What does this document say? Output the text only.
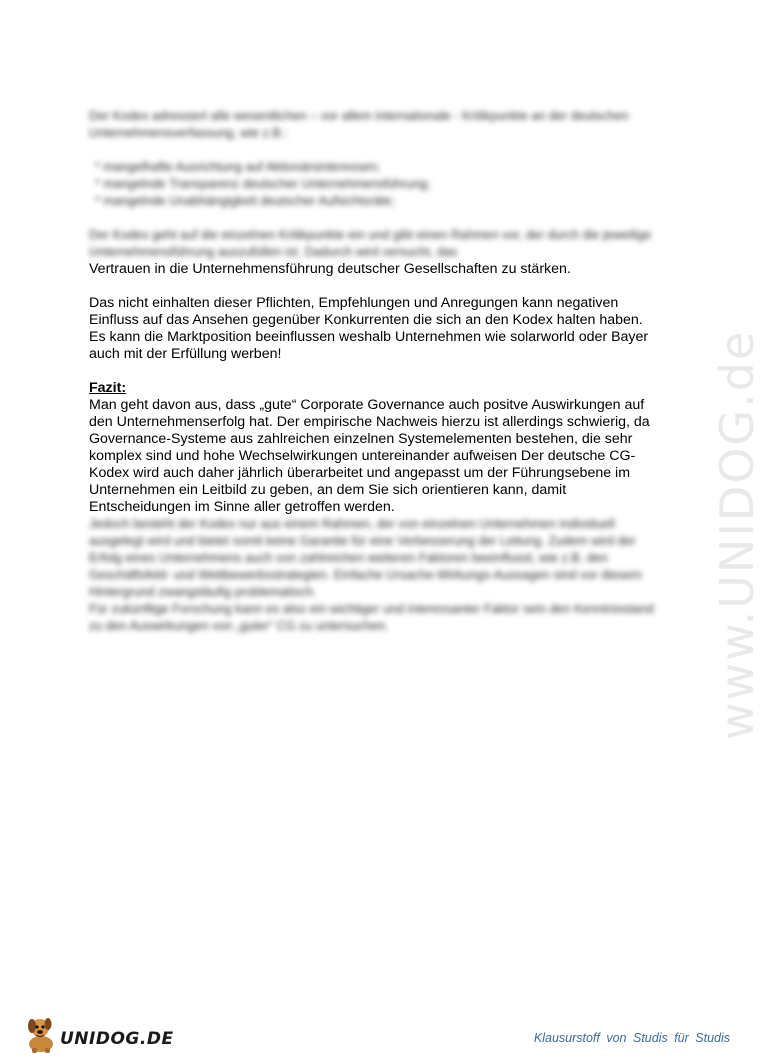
www.UNIDOG.de

Der Kodex adressiert alle wesentlichen – vor allem internationale - Kritikpunkte an der deutschen Unternehmensverfassung, wie z.B.:

* mangelhafte Ausrichtung auf Aktionärsinteressen;
* mangelnde Transparenz deutscher Unternehmensführung;
* mangelnde Unabhängigkeit deutscher Aufsichtsräte;

Der Kodex geht auf die einzelnen Kritikpunkte ein und gibt einen Rahmen vor, der durch die jeweilige Unternehmensführung auszufüllen ist. Dadurch wird versucht, das

Vertrauen in die Unternehmensführung deutscher Gesellschaften zu stärken.

Das nicht einhalten dieser Pflichten, Empfehlungen und Anregungen kann negativen Einfluss auf das Ansehen gegenüber Konkurrenten die sich an den Kodex halten haben. Es kann die Marktposition beeinflussen weshalb Unternehmen wie solarworld oder Bayer auch mit der Erfüllung werben!

Fazit:

Man geht davon aus, dass „gute“ Corporate Governance auch positve Auswirkungen auf den Unternehmenserfolg hat. Der empirische Nachweis hierzu ist allerdings schwierig, da Governance-Systeme aus zahlreichen einzelnen Systemelementen bestehen, die sehr komplex sind und hohe Wechselwirkungen untereinander aufweisen Der deutsche CG-Kodex wird auch daher jährlich überarbeitet und angepasst um der Führungsebene im Unternehmen ein Leitbild zu geben, an dem Sie sich orientieren kann, damit Entscheidungen im Sinne aller getroffen werden.

Jedoch besteht der Kodex nur aus einem Rahmen, der von einzelnen Unternehmen individuell ausgelegt wird und bietet somit keine Garantie für eine Verbesserung der Leitung. Zudem wird der Erfolg eines Unternehmens auch von zahlreichen weiteren Faktoren beeinflusst, wie z.B. den Geschäftsfeld- und Wettbewerbsstrategien. Einfache Ursache-Wirkungs-Aussagen sind vor diesem Hintergrund zwangsläufig problematisch.

Für zukünftige Forschung kann es also ein wichtiger und interessanter Faktor sein den Kenntnisstand zu den Auswirkungen von „guter“ CG zu untersuchen.

UNIDOG.DE	Klausurstoff von Studis für Studis
